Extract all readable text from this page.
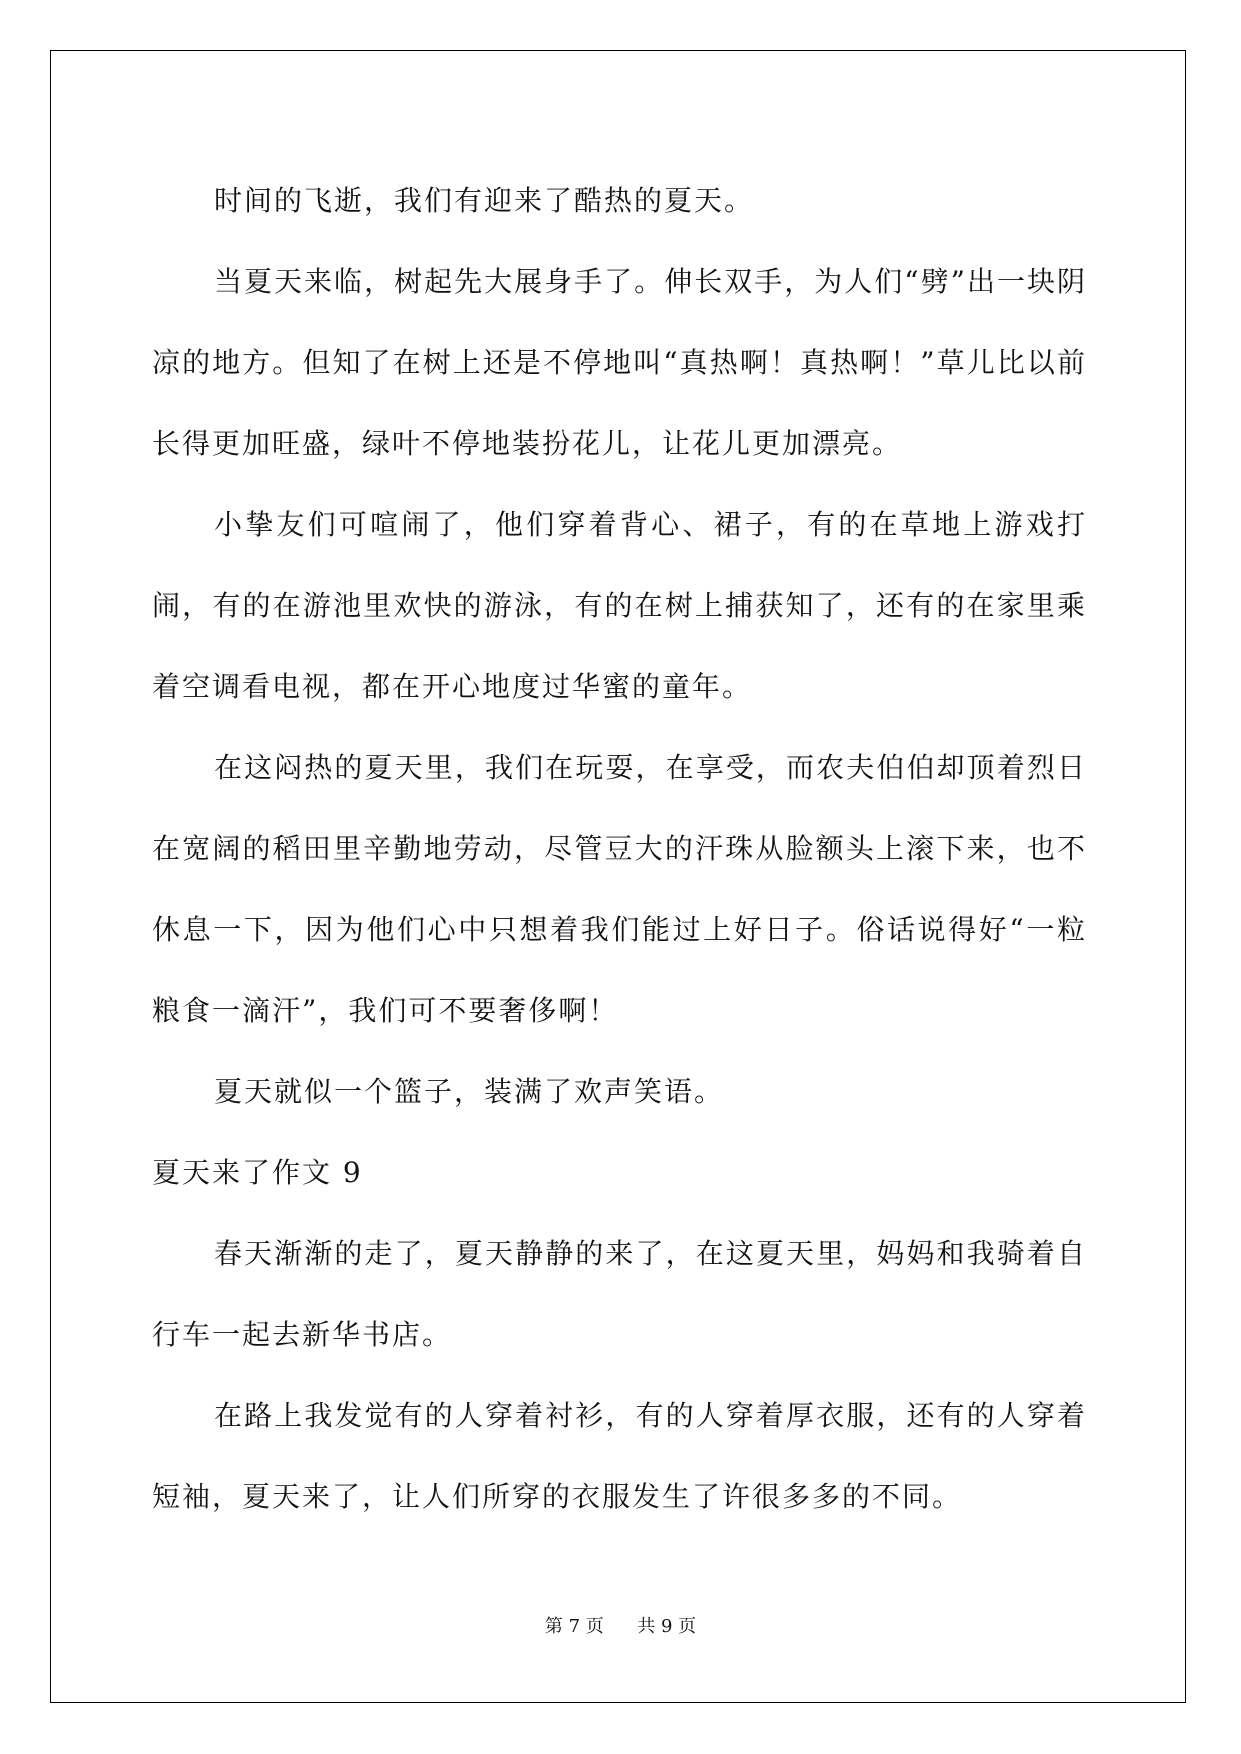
时间的飞逝，我们有迎来了酷热的夏天。

当夏天来临，树起先大展身手了。伸长双手，为人们“劈”出一块阴凉的地方。但知了在树上还是不停地叫“真热啊！真热啊！”草儿比以前长得更加旺盛，绿叶不停地装扮花儿，让花儿更加漂亮。

小挚友们可喧闹了，他们穿着背心、裙子，有的在草地上游戏打闹，有的在游池里欢快的游泳，有的在树上捕获知了，还有的在家里乘着空调看电视，都在开心地度过华蜜的童年。

在这闷热的夏天里，我们在玩耍，在享受，而农夫伯伯却顶着烈日在宽阔的稻田里辛勤地劳动，尽管豆大的汗珠从脸额头上滚下来，也不休息一下，因为他们心中只想着我们能过上好日子。俗话说得好“一粒粮食一滴汗”，我们可不要奢侈啊！

夏天就似一个篮子，装满了欢声笑语。

夏天来了作文 9

春天渐渐的走了，夏天静静的来了，在这夏天里，妈妈和我骑着自行车一起去新华书店。

在路上我发觉有的人穿着衬衫，有的人穿着厚衣服，还有的人穿着短袖，夏天来了，让人们所穿的衣服发生了许很多多的不同。

第 7 页 共 9 页
